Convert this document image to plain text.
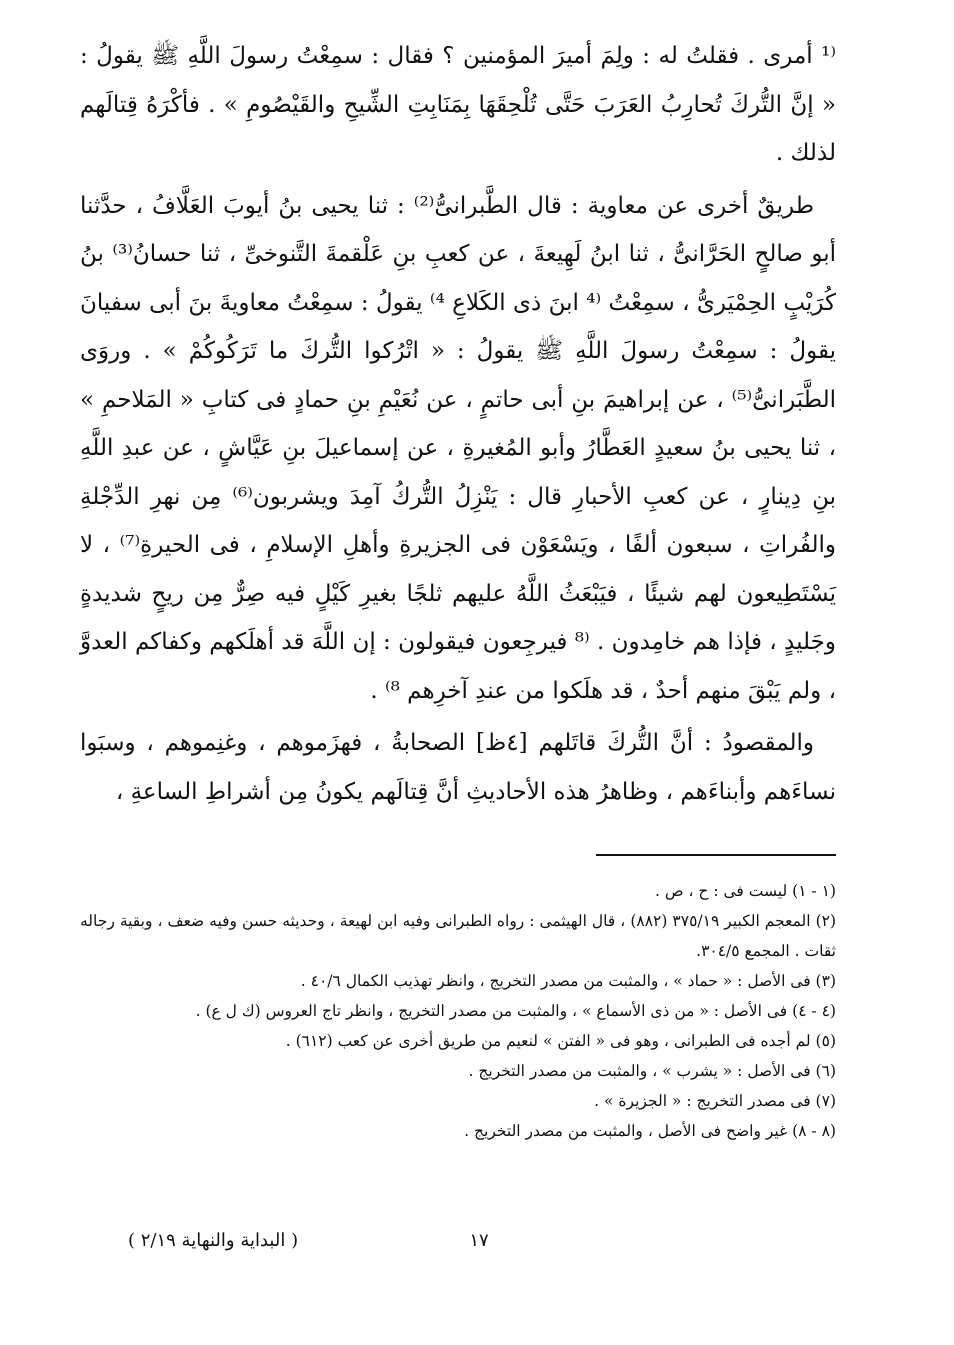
⁽¹ أمرى . فقلتُ له : ولِمَ أميرَ المؤمنين ؟ فقال : سمِعْتُ رسولَ اللَّهِ ﷺ يقولُ : « إنَّ التُّركَ تُحارِبُ العَرَبَ حَتَّى تُلْحِقَهَا بِمَنَابِتِ الشِّيحِ والقَيْصُومِ » . فأكْرَهُ قِتالَهم لذلك .

طريقٌ أخرى عن معاوية : قال الطَّبرانىُّ⁽²⁾ : ثنا يحيى بنُ أيوبَ العَلَّافُ ، حدَّثنا أبو صالحٍ الحَرَّانىُّ ، ثنا ابنُ لَهِيعةَ ، عن كعبِ بنِ عَلْقمةَ التَّنوخىِّ ، ثنا حسانُ⁽³⁾ بنُ كُرَيْبٍ الحِمْيَرىُّ ، سمِعْتُ ⁽⁴ ابنَ ذى الكَلاعِ ⁴⁾ يقولُ : سمِعْتُ معاويةَ بنَ أبى سفيانَ يقولُ : سمِعْتُ رسولَ اللَّهِ ﷺ يقولُ : « اتْرُكوا التُّركَ ما تَرَكُوكُمْ » . وروَى الطَّبَرانىُّ⁽⁵⁾ ، عن إبراهيمَ بنِ أبى حاتمٍ ، عن نُعَيْمِ بنِ حمادٍ فى كتابِ « المَلاحمِ » ، ثنا يحيى بنُ سعيدٍ العَطَّارُ وأبو المُغيرةِ ، عن إسماعيلَ بنِ عَيَّاشٍ ، عن عبدِ اللَّهِ بنِ دِينارٍ ، عن كعبِ الأحبارِ قال : يَنْزِلُ التُّركُ آمِدَ ويشربون⁽⁶⁾ مِن نهرِ الدِّجْلةِ والفُراتِ ، سبعون ألفًا ، ويَسْعَوْن فى الجزيرةِ وأهلِ الإسلامِ ، فى الحيرةِ⁽⁷⁾ ، لا يَسْتَطِيعون لهم شيئًا ، فيَبْعَثُ اللَّهُ عليهم ثلجًا بغيرِ كَيْلٍ فيه صِرٌّ مِن ريحٍ شديدةٍ وجَليدٍ ، فإذا هم خامِدون . ⁽⁸ فيرجِعون فيقولون : إن اللَّهَ قد أهلَكهم وكفاكم العدوَّ ، ولم يَبْقَ منهم أحدٌ ، قد هلَكوا من عندِ آخرِهم ⁸⁾ .

والمقصودُ : أنَّ التُّركَ قاتَلهم [٤ظ] الصحابةُ ، فهزَموهم ، وغنِموهم ، وسبَوا نساءَهم وأبناءَهم ، وظاهرُ هذه الأحاديثِ أنَّ قِتالَهم يكونُ مِن أشراطِ الساعةِ ،

(١ - ١) ليست فى : ح ، ص .

(٢) المعجم الكبير ٣٧٥/١٩ (٨٨٢) ، قال الهيثمى : رواه الطبرانى وفيه ابن لهيعة ، وحديثه حسن وفيه ضعف ، وبقية رجاله ثقات . المجمع ٣٠٤/٥.

(٣) فى الأصل : « حماد » ، والمثبت من مصدر التخريج ، وانظر تهذيب الكمال ٤٠/٦ .

(٤ - ٤) فى الأصل : « من ذى الأسماع » ، والمثبت من مصدر التخريج ، وانظر تاج العروس (ك ل ع) .

(٥) لم أجده فى الطبرانى ، وهو فى « الفتن » لنعيم من طريق أخرى عن كعب (٦١٢) .

(٦) فى الأصل : « يشرب » ، والمثبت من مصدر التخريج .

(٧) فى مصدر التخريج : « الجزيرة » .

(٨ - ٨) غير واضح فى الأصل ، والمثبت من مصدر التخريج .

١٧
( البداية والنهاية ٢/١٩ )
